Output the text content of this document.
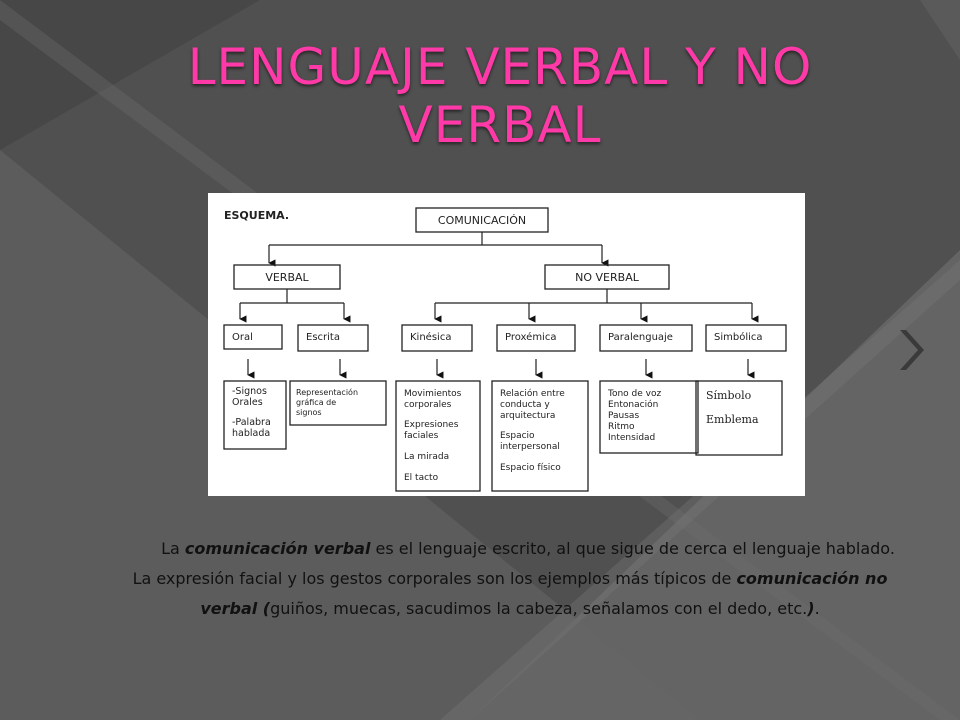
LENGUAJE VERBAL Y NO
VERBAL
ESQUEMA.	COMUNICACIÓN
VERBAL	NO VERBAL
Oral	Escrita	Kinésica	Proxémica	Paralenguaje	Simbólica
-Signos
Orales
-Palabra
hablada
Representación
gráfica de
signos
Movimientos
corporales
Expresiones
faciales
La mirada
El tacto
Relación entre
conducta y
arquitectura
Espacio
interpersonal
Espacio físico
Tono de voz
Entonación
Pausas
Ritmo
Intensidad
Símbolo
Emblema

La comunicación verbal es el lenguaje escrito, al que sigue de cerca el lenguaje hablado. La expresión facial y los gestos corporales son los ejemplos más típicos de comunicación no verbal (guiños, muecas, sacudimos la cabeza, señalamos con el dedo, etc.).
